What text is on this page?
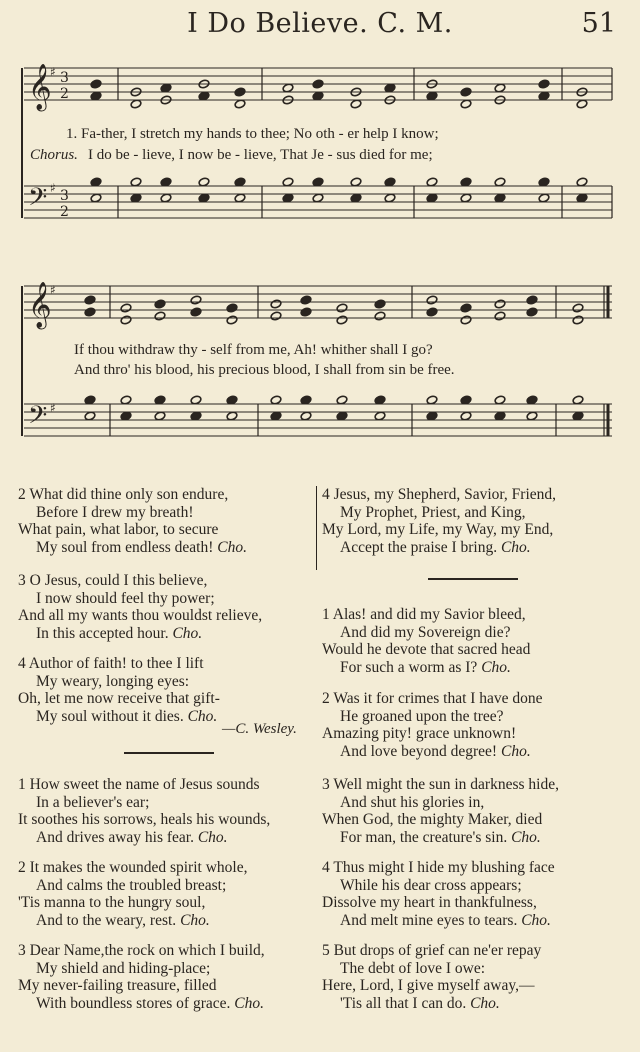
I Do Believe. C. M.	51
𝄞
𝄢
𝄞
𝄢
3
2
3
2
♯
♯
♯
♯
1. Fa-ther, I stretch my hands to thee; No oth - er help I know;
Chorus. I do be - lieve, I now be - lieve, That Je - sus died for me;
If thou withdraw thy - self from me, Ah! whither shall I go?
And thro' his blood, his precious blood, I shall from sin be free.
2 What did thine only son endure,
Before I drew my breath!
What pain, what labor, to secure
My soul from endless death! Cho.
3 O Jesus, could I this believe,
I now should feel thy power;
And all my wants thou wouldst relieve,
In this accepted hour. Cho.
4 Author of faith! to thee I lift
My weary, longing eyes:
Oh, let me now receive that gift-
My soul without it dies. Cho.
—C. Wesley.
1 How sweet the name of Jesus sounds
In a believer's ear;
It soothes his sorrows, heals his wounds,
And drives away his fear. Cho.
2 It makes the wounded spirit whole,
And calms the troubled breast;
'Tis manna to the hungry soul,
And to the weary, rest. Cho.
3 Dear Name,the rock on which I build,
My shield and hiding-place;
My never-failing treasure, filled
With boundless stores of grace. Cho.
4 Jesus, my Shepherd, Savior, Friend,
My Prophet, Priest, and King,
My Lord, my Life, my Way, my End,
Accept the praise I bring. Cho.
1 Alas! and did my Savior bleed,
And did my Sovereign die?
Would he devote that sacred head
For such a worm as I? Cho.
2 Was it for crimes that I have done
He groaned upon the tree?
Amazing pity! grace unknown!
And love beyond degree! Cho.
3 Well might the sun in darkness hide,
And shut his glories in,
When God, the mighty Maker, died
For man, the creature's sin. Cho.
4 Thus might I hide my blushing face
While his dear cross appears;
Dissolve my heart in thankfulness,
And melt mine eyes to tears. Cho.
5 But drops of grief can ne'er repay
The debt of love I owe:
Here, Lord, I give myself away,—
'Tis all that I can do. Cho.
